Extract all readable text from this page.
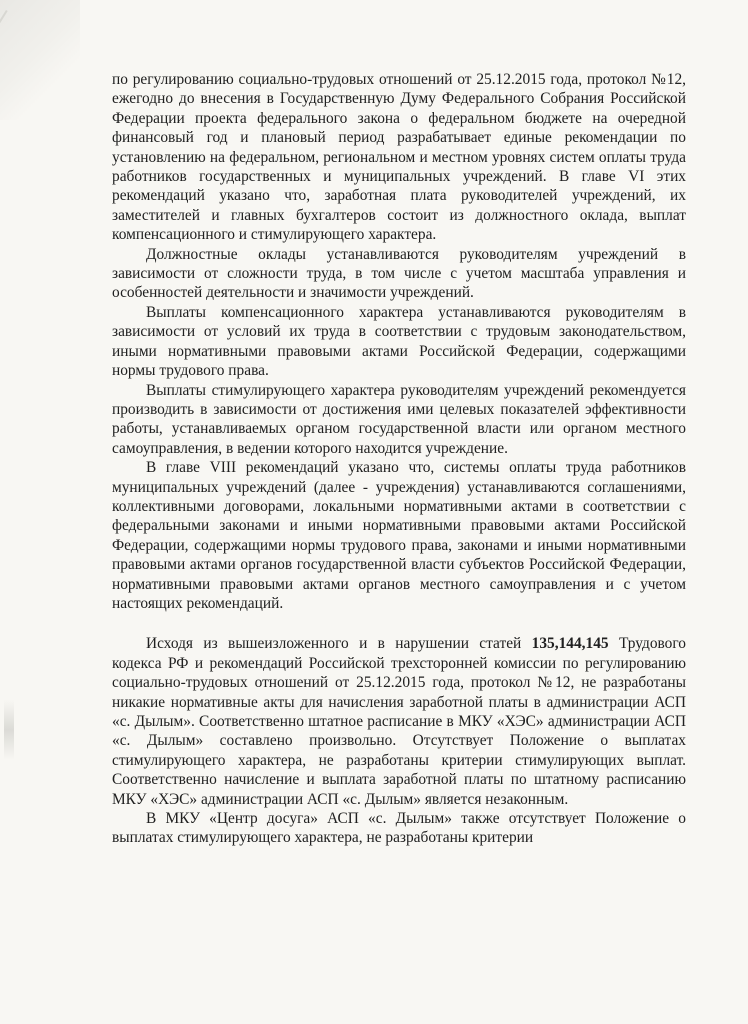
по регулированию социально-трудовых отношений от 25.12.2015 года, протокол №12, ежегодно до внесения в Государственную Думу Федерального Собрания Российской Федерации проекта федерального закона о федеральном бюджете на очередной финансовый год и плановый период разрабатывает единые рекомендации по установлению на федеральном, региональном и местном уровнях систем оплаты труда работников государственных и муниципальных учреждений. В главе VI этих рекомендаций указано что, заработная плата руководителей учреждений, их заместителей и главных бухгалтеров состоит из должностного оклада, выплат компенсационного и стимулирующего характера.

Должностные оклады устанавливаются руководителям учреждений в зависимости от сложности труда, в том числе с учетом масштаба управления и особенностей деятельности и значимости учреждений.

Выплаты компенсационного характера устанавливаются руководителям в зависимости от условий их труда в соответствии с трудовым законодательством, иными нормативными правовыми актами Российской Федерации, содержащими нормы трудового права.

Выплаты стимулирующего характера руководителям учреждений рекомендуется производить в зависимости от достижения ими целевых показателей эффективности работы, устанавливаемых органом государственной власти или органом местного самоуправления, в ведении которого находится учреждение.

В главе VIII рекомендаций указано что, системы оплаты труда работников муниципальных учреждений (далее - учреждения) устанавливаются соглашениями, коллективными договорами, локальными нормативными актами в соответствии с федеральными законами и иными нормативными правовыми актами Российской Федерации, содержащими нормы трудового права, законами и иными нормативными правовыми актами органов государственной власти субъектов Российской Федерации, нормативными правовыми актами органов местного самоуправления и с учетом настоящих рекомендаций.

Исходя из вышеизложенного и в нарушении статей 135,144,145 Трудового кодекса РФ и рекомендаций Российской трехсторонней комиссии по регулированию социально-трудовых отношений от 25.12.2015 года, протокол №12, не разработаны никакие нормативные акты для начисления заработной платы в администрации АСП «с. Дылым». Соответственно штатное расписание в МКУ «ХЭС» администрации АСП «с. Дылым» составлено произвольно. Отсутствует Положение о выплатах стимулирующего характера, не разработаны критерии стимулирующих выплат. Соответственно начисление и выплата заработной платы по штатному расписанию МКУ «ХЭС» администрации АСП «с. Дылым» является незаконным.

В МКУ «Центр досуга» АСП «с. Дылым» также отсутствует Положение о выплатах стимулирующего характера, не разработаны критерии
